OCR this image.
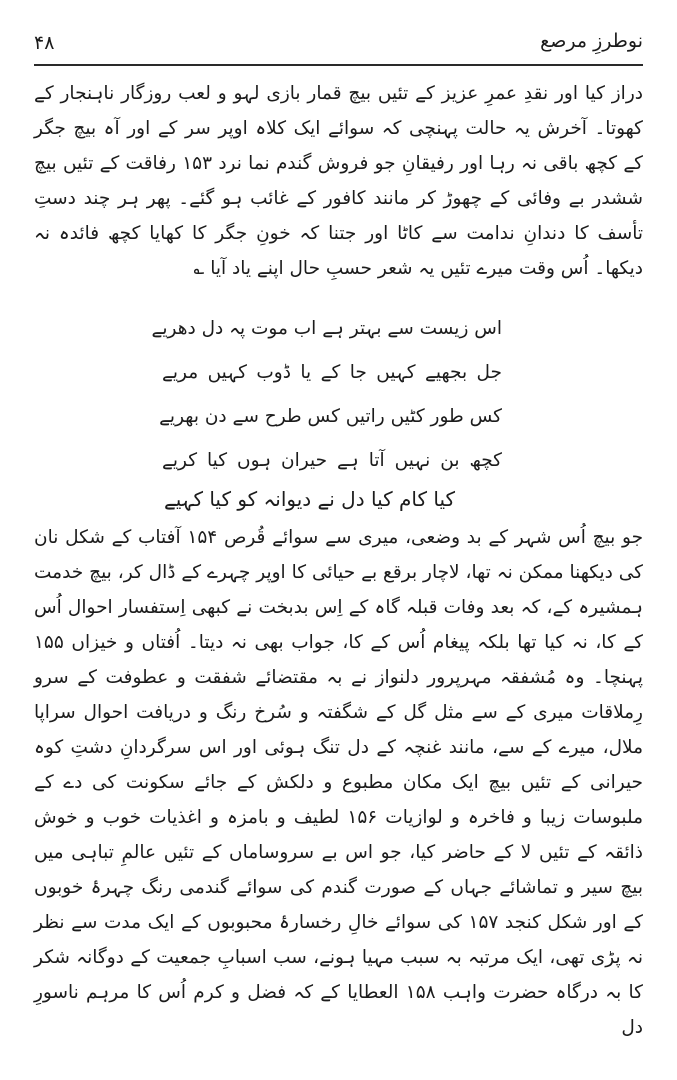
۴۸	نوطرزِ مرصع

دراز کیا اور نقدِ عمرِ عزیز کے تئیں بیچ قمار بازی لہو و لعب روزگار ناہنجار کے کھوتا۔ آخرش یہ حالت پہنچی کہ سوائے ایک کلاہ اوپر سر کے اور آہ بیچ جگر کے کچھ باقی نہ رہا اور رفیقانِ جو فروش گندم نما نرد ۱۵۳ رفاقت کے تئیں بیچ ششدر بے وفائی کے چھوڑ کر مانند کافور کے غائب ہو گئے۔ پھر ہر چند دستِ تأسف کا دندانِ ندامت سے کاٹا اور جتنا کہ خونِ جگر کا کھایا کچھ فائدہ نہ دیکھا۔ اُس وقت میرے تئیں یہ شعر حسبِ حال اپنے یاد آیا ؎

اس زیست سے بہتر ہے اب موت پہ دل دھریے
جل بجھیے کہیں جا کے یا ڈوب کہیں مریے
کس طور کٹیں راتیں کس طرح سے دن بھریے
کچھ بن نہیں آتا ہے حیران ہوں کیا کریے
کیا کام کیا دل نے دیوانہ کو کیا کہیے

جو بیچ اُس شہر کے بد وضعی، میری سے سوائے قُرص ۱۵۴ آفتاب کے شکل نان کی دیکھنا ممکن نہ تھا، لاچار برقع بے حیائی کا اوپر چہرے کے ڈال کر، بیچ خدمت ہمشیرہ کے، کہ بعد وفات قبلہ گاہ کے اِس بدبخت نے کبھی اِستفسار احوال اُس کے کا، نہ کیا تھا بلکہ پیغام اُس کے کا، جواب بھی نہ دیتا۔ اُفتاں و خیزاں ۱۵۵ پہنچا۔ وہ مُشفقہ مہرپرور دلنواز نے بہ مقتضائے شفقت و عطوفت کے سرو رِملاقات میری کے سے مثل گل کے شگفتہ و سُرخ رنگ و دریافت احوال سراپا ملال، میرے کے سے، مانند غنچہ کے دل تنگ ہوئی اور اس سرگردانِ دشتِ کوہ حیرانی کے تئیں بیچ ایک مکان مطبوع و دلکش کے جائے سکونت کی دے کے ملبوسات زیبا و فاخرہ و لوازیات ۱۵۶ لطیف و بامزہ و اغذیات خوب و خوش ذائقہ کے تئیں لا کے حاضر کیا، جو اس بے سروساماں کے تئیں عالمِ تباہی میں بیچ سیر و تماشائے جہاں کے صورت گندم کی سوائے گندمی رنگ چہرۂ خوبوں کے اور شکل کنجد ۱۵۷ کی سوائے خالِ رخسارۂ محبوبوں کے ایک مدت سے نظر نہ پڑی تھی، ایک مرتبہ بہ سبب مہیا ہونے، سب اسبابِ جمعیت کے دوگانہ شکر کا بہ درگاہ حضرت واہب ۱۵۸ العطایا کے کہ فضل و کرم اُس کا مرہم ناسورِ دل
